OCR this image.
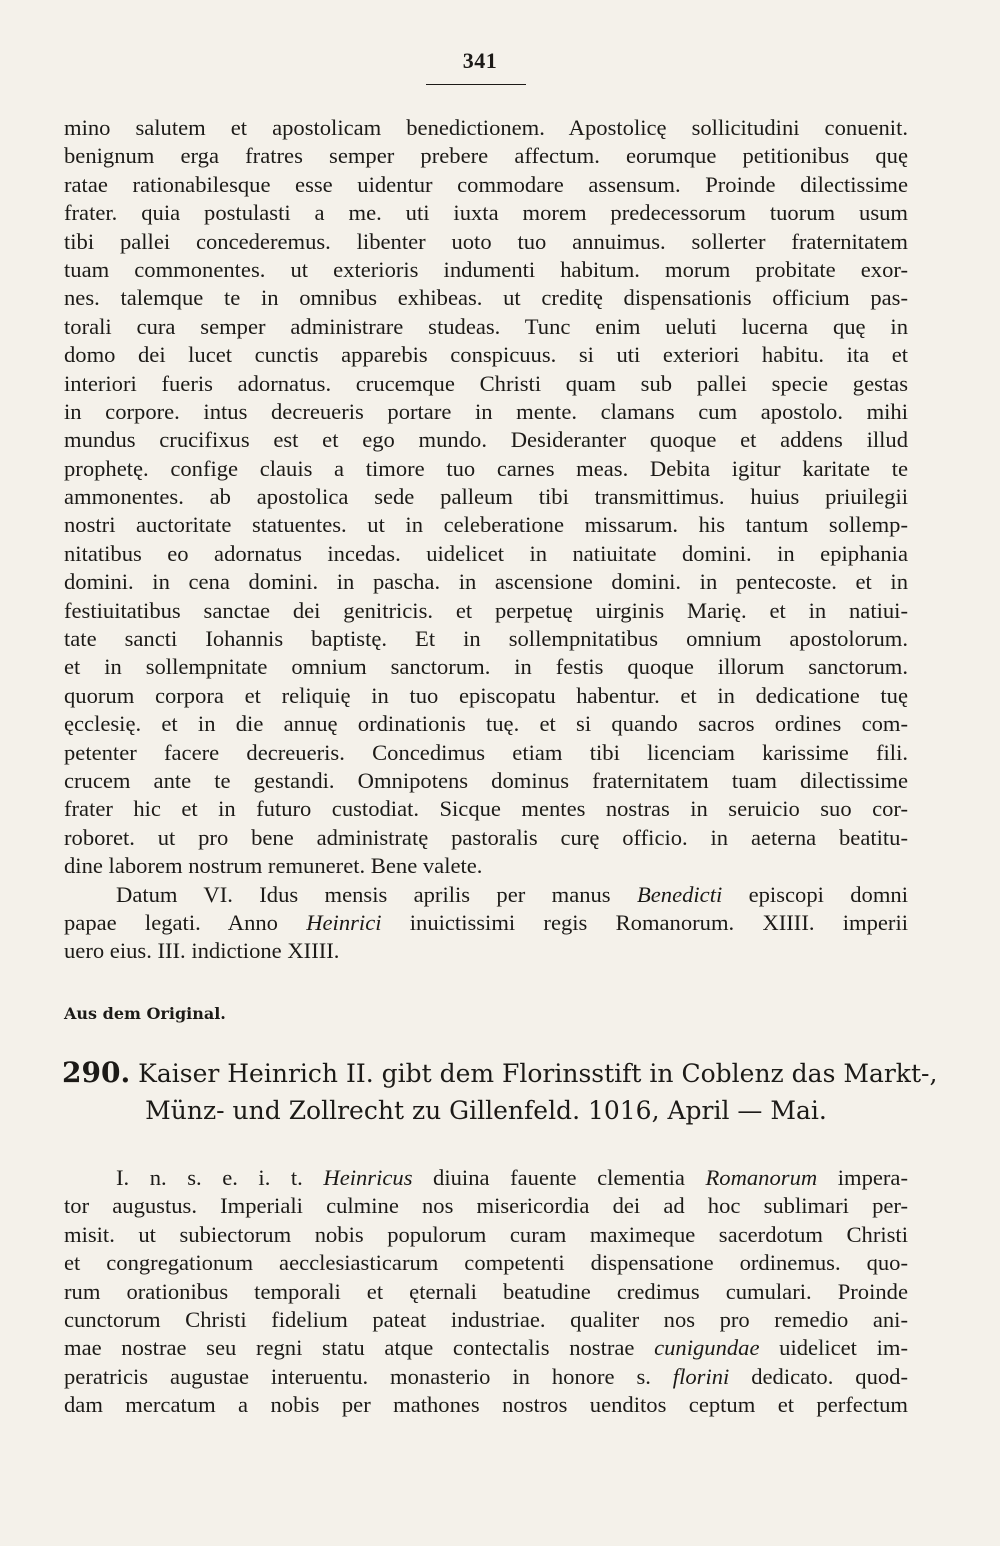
341
mino salutem et apostolicam benedictionem. Apostolicę sollicitudini conuenit.
benignum erga fratres semper prebere affectum. eorumque petitionibus quę
ratae rationabilesque esse uidentur commodare assensum. Proinde dilectissime
frater. quia postulasti a me. uti iuxta morem predecessorum tuorum usum
tibi pallei concederemus. libenter uoto tuo annuimus. sollerter fraternitatem
tuam commonentes. ut exterioris indumenti habitum. morum probitate exor-
nes. talemque te in omnibus exhibeas. ut creditę dispensationis officium pas-
torali cura semper administrare studeas. Tunc enim ueluti lucerna quę in
domo dei lucet cunctis apparebis conspicuus. si uti exteriori habitu. ita et
interiori fueris adornatus. crucemque Christi quam sub pallei specie gestas
in corpore. intus decreueris portare in mente. clamans cum apostolo. mihi
mundus crucifixus est et ego mundo. Desideranter quoque et addens illud
prophetę. confige clauis a timore tuo carnes meas. Debita igitur karitate te
ammonentes. ab apostolica sede palleum tibi transmittimus. huius priuilegii
nostri auctoritate statuentes. ut in celeberatione missarum. his tantum sollemp-
nitatibus eo adornatus incedas. uidelicet in natiuitate domini. in epiphania
domini. in cena domini. in pascha. in ascensione domini. in pentecoste. et in
festiuitatibus sanctae dei genitricis. et perpetuę uirginis Marię. et in natiui-
tate sancti Iohannis baptistę. Et in sollempnitatibus omnium apostolorum.
et in sollempnitate omnium sanctorum. in festis quoque illorum sanctorum.
quorum corpora et reliquię in tuo episcopatu habentur. et in dedicatione tuę
ęcclesię. et in die annuę ordinationis tuę. et si quando sacros ordines com-
petenter facere decreueris. Concedimus etiam tibi licenciam karissime fili.
crucem ante te gestandi. Omnipotens dominus fraternitatem tuam dilectissime
frater hic et in futuro custodiat. Sicque mentes nostras in seruicio suo cor-
roboret. ut pro bene administratę pastoralis curę officio. in aeterna beatitu-
dine laborem nostrum remuneret. Bene valete.
Datum VI. Idus mensis aprilis per manus Benedicti episcopi domni
papae legati. Anno Heinrici inuictissimi regis Romanorum. XIIII. imperii
uero eius. III. indictione XIIII.
Aus dem Original.
290. Kaiser Heinrich II. gibt dem Florinsstift in Coblenz das Markt-,
Münz- und Zollrecht zu Gillenfeld. 1016, April — Mai.
I. n. s. e. i. t. Heinricus diuina fauente clementia Romanorum impera-
tor augustus. Imperiali culmine nos misericordia dei ad hoc sublimari per-
misit. ut subiectorum nobis populorum curam maximeque sacerdotum Christi
et congregationum aecclesiasticarum competenti dispensatione ordinemus. quo-
rum orationibus temporali et ęternali beatudine credimus cumulari. Proinde
cunctorum Christi fidelium pateat industriae. qualiter nos pro remedio ani-
mae nostrae seu regni statu atque contectalis nostrae cunigundae uidelicet im-
peratricis augustae interuentu. monasterio in honore s. florini dedicato. quod-
dam mercatum a nobis per mathones nostros uenditos ceptum et perfectum
